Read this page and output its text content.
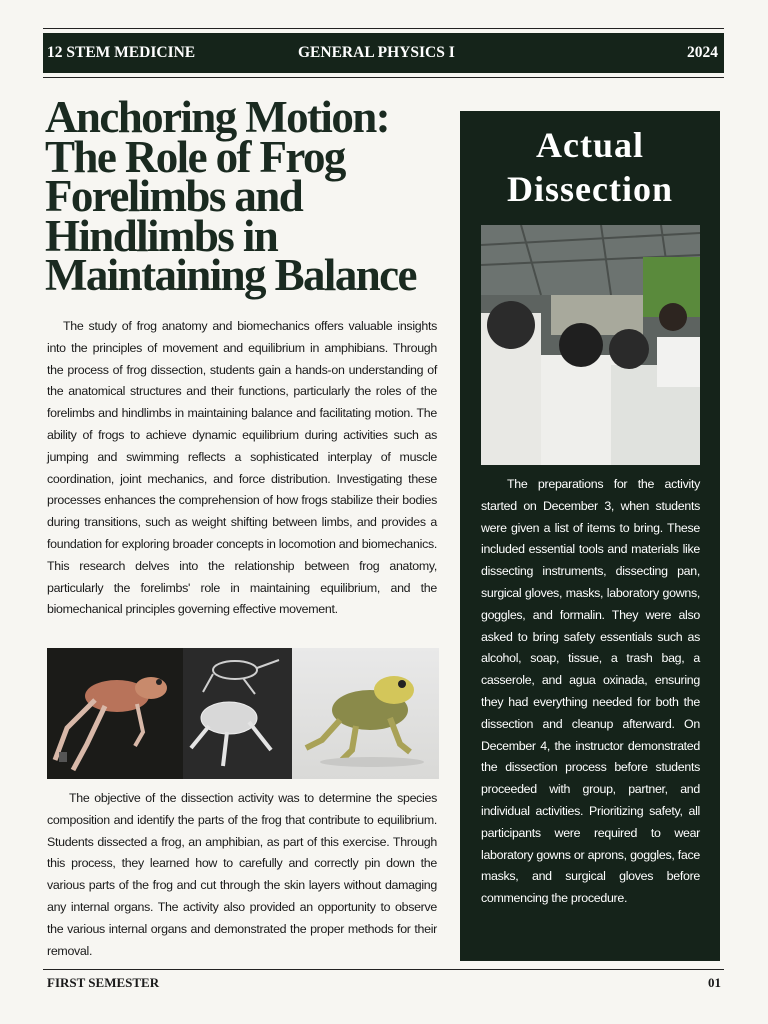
12 STEM MEDICINE	GENERAL PHYSICS I	2024
Anchoring Motion:
The Role of Frog
Forelimbs and
Hindlimbs in
Maintaining Balance

The study of frog anatomy and biomechanics offers valuable insights into the principles of movement and equilibrium in amphibians. Through the process of frog dissection, students gain a hands-on understanding of the anatomical structures and their functions, particularly the roles of the forelimbs and hindlimbs in maintaining balance and facilitating motion. The ability of frogs to achieve dynamic equilibrium during activities such as jumping and swimming reflects a sophisticated interplay of muscle coordination, joint mechanics, and force distribution. Investigating these processes enhances the comprehension of how frogs stabilize their bodies during transitions, such as weight shifting between limbs, and provides a foundation for exploring broader concepts in locomotion and biomechanics. This research delves into the relationship between frog anatomy, particularly the forelimbs' role in maintaining equilibrium, and the biomechanical principles governing effective movement.

The objective of the dissection activity was to determine the species composition and identify the parts of the frog that contribute to equilibrium. Students dissected a frog, an amphibian, as part of this exercise. Through this process, they learned how to carefully and correctly pin down the various parts of the frog and cut through the skin layers without damaging any internal organs. The activity also provided an opportunity to observe the various internal organs and demonstrated the proper methods for their removal.

Actual
Dissection

The preparations for the activity started on December 3, when students were given a list of items to bring. These included essential tools and materials like dissecting instruments, dissecting pan, surgical gloves, masks, laboratory gowns, goggles, and formalin. They were also asked to bring safety essentials such as alcohol, soap, tissue, a trash bag, a casserole, and agua oxinada, ensuring they had everything needed for both the dissection and cleanup afterward. On December 4, the instructor demonstrated the dissection process before students proceeded with group, partner, and individual activities. Prioritizing safety, all participants were required to wear laboratory gowns or aprons, goggles, face masks, and surgical gloves before commencing the procedure.

FIRST SEMESTER	01
